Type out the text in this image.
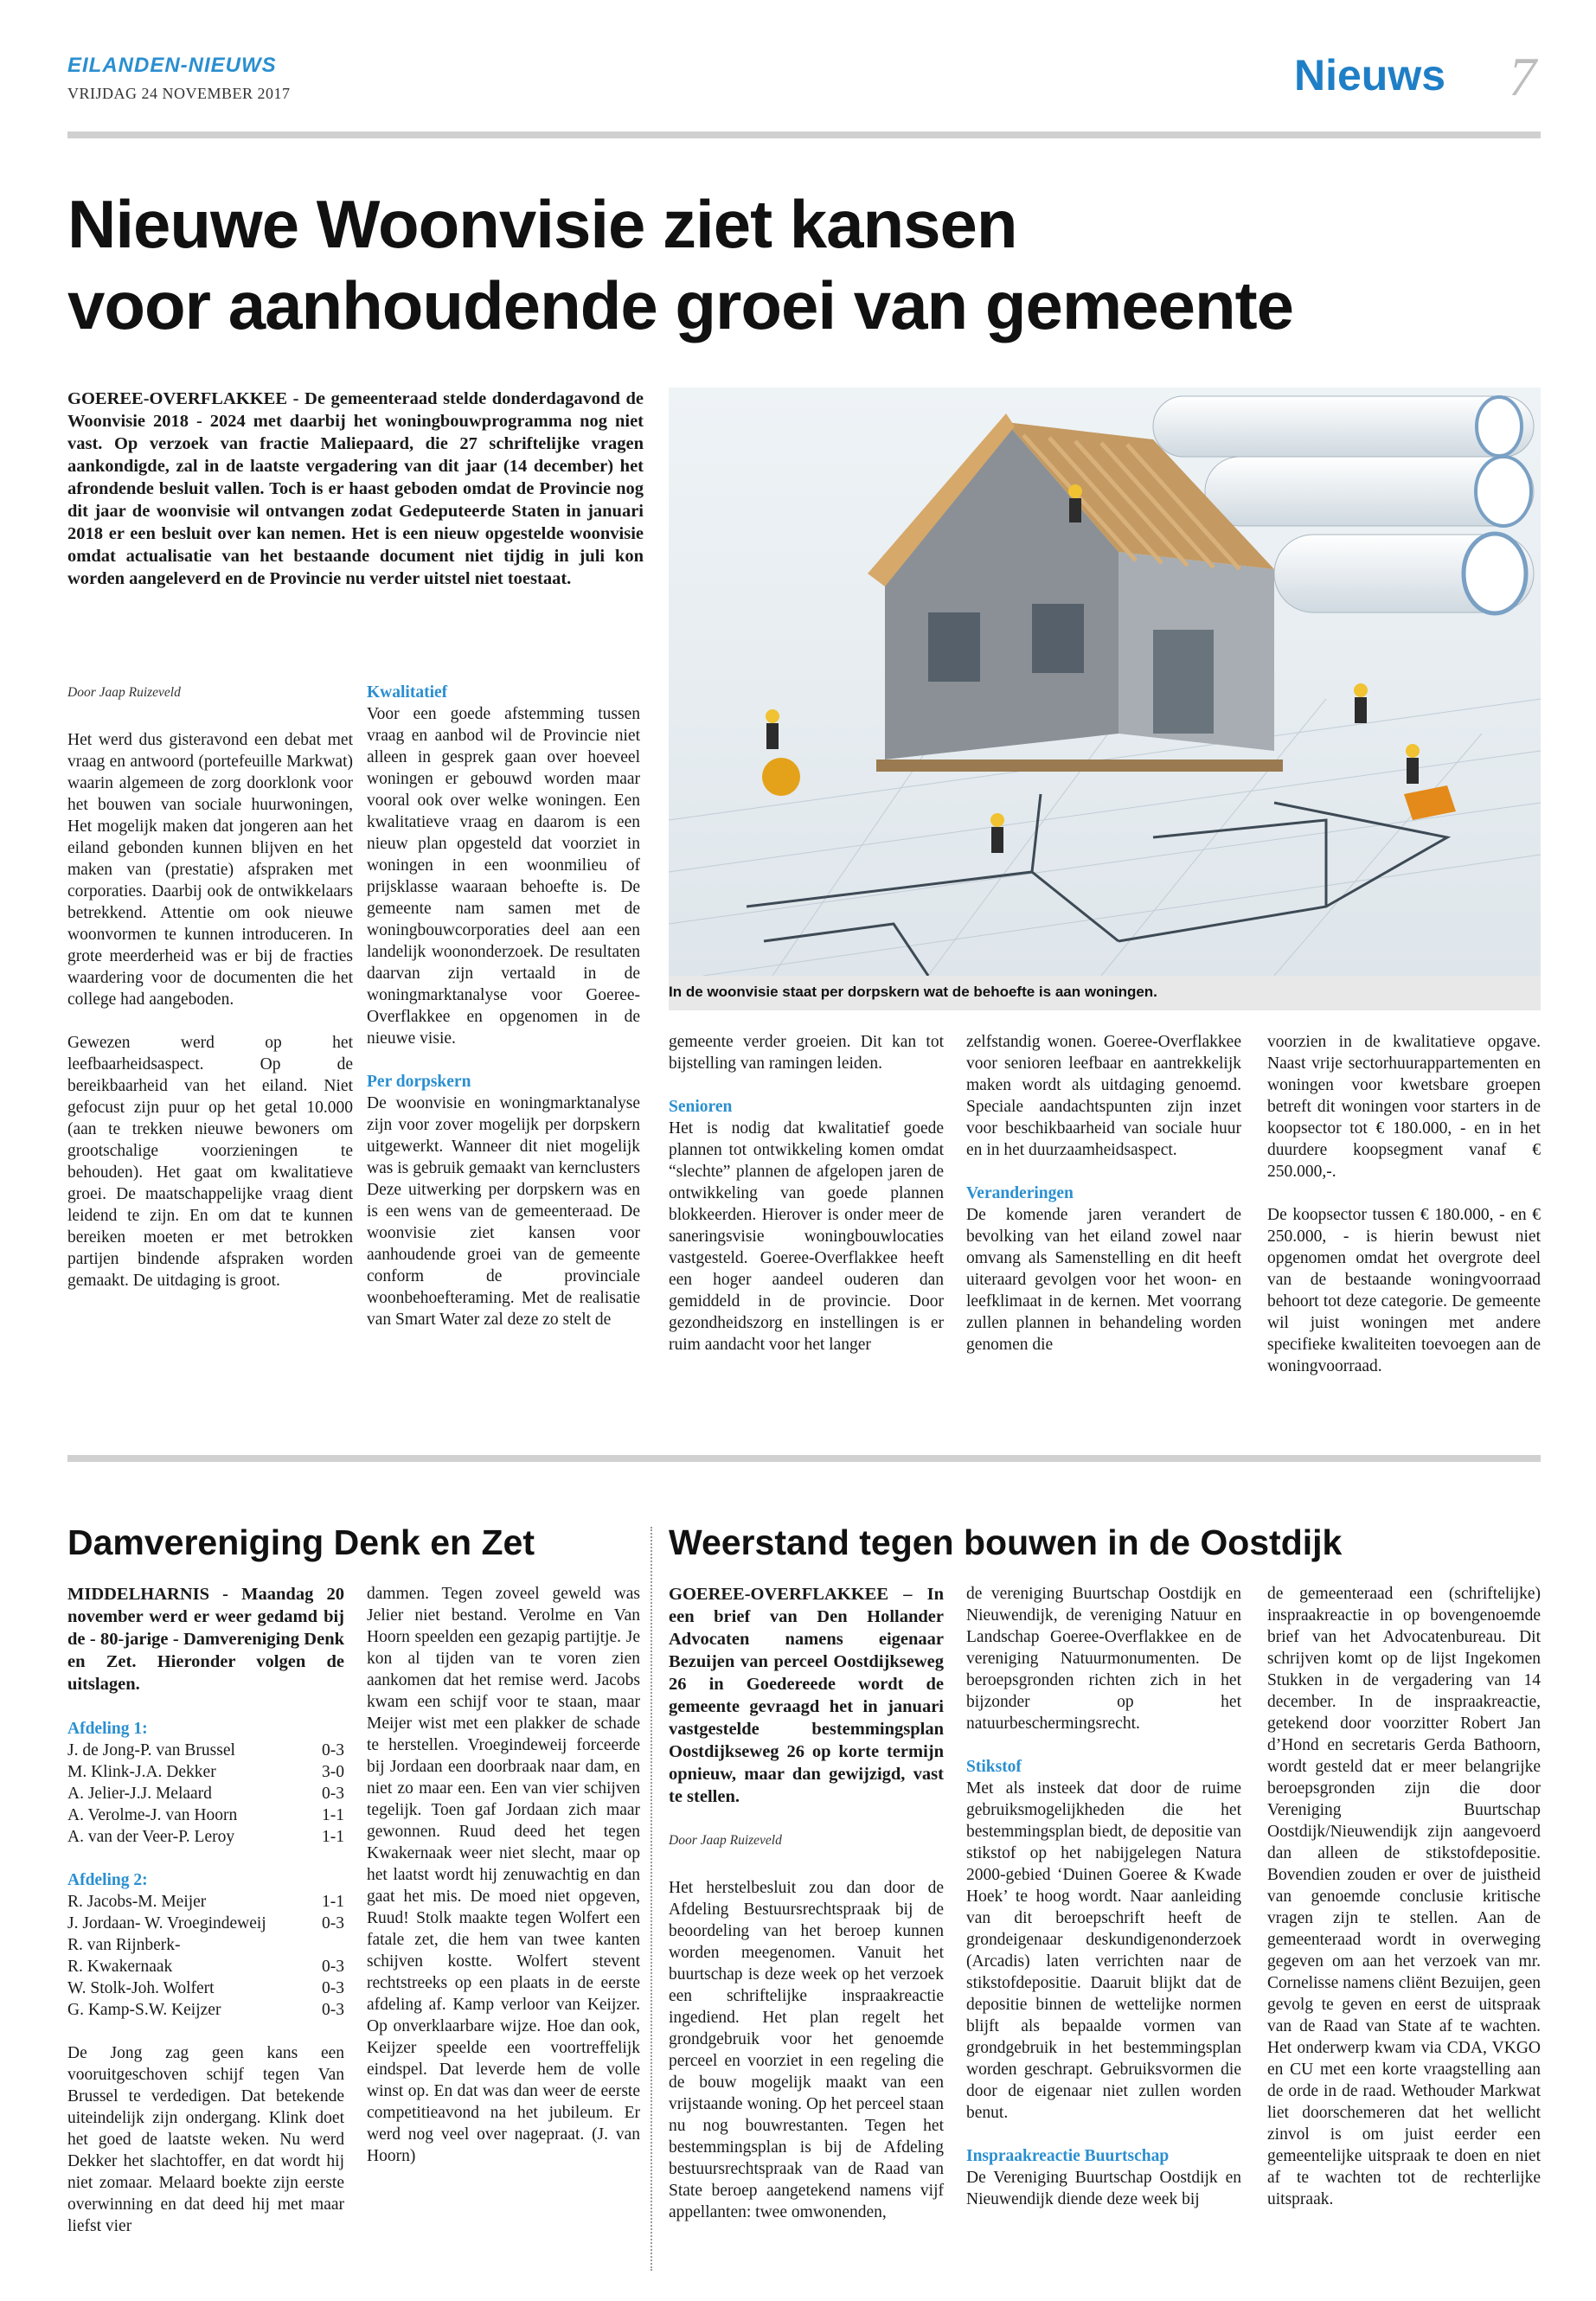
EILANDEN-NIEUWS
VRIJDAG 24 NOVEMBER 2017	Nieuws 7
Nieuwe Woonvisie ziet kansen
voor aanhoudende groei van gemeente
GOEREE-OVERFLAKKEE - De gemeenteraad stelde donderdagavond de Woonvisie 2018 - 2024 met daarbij het woningbouwprogramma nog niet vast. Op verzoek van fractie Maliepaard, die 27 schriftelijke vragen aankondigde, zal in de laatste vergadering van dit jaar (14 december) het afrondende besluit vallen. Toch is er haast geboden omdat de Provincie nog dit jaar de woonvisie wil ontvangen zodat Gedeputeerde Staten in januari 2018 er een besluit over kan nemen. Het is een nieuw opgestelde woonvisie omdat actualisatie van het bestaande document niet tijdig in juli kon worden aangeleverd en de Provincie nu verder uitstel niet toestaat.

Door Jaap Ruizeveld

Het werd dus gisteravond een debat met vraag en antwoord (portefeuille Markwat) waarin algemeen de zorg doorklonk voor het bouwen van sociale huurwoningen, Het mogelijk maken dat jongeren aan het eiland gebonden kunnen blijven en het maken van (prestatie) afspraken met corporaties. Daarbij ook de ontwikkelaars betrekkend. Attentie om ook nieuwe woonvormen te kunnen introduceren. In grote meerderheid was er bij de fracties waardering voor de documenten die het college had aangeboden.

Gewezen werd op het leefbaarheidsaspect. Op de bereikbaarheid van het eiland. Niet gefocust zijn puur op het getal 10.000 (aan te trekken nieuwe bewoners om grootschalige voorzieningen te behouden). Het gaat om kwalitatieve groei. De maatschappelijke vraag dient leidend te zijn. En om dat te kunnen bereiken moeten er met betrokken partijen bindende afspraken worden gemaakt. De uitdaging is groot.

Kwalitatief

Voor een goede afstemming tussen vraag en aanbod wil de Provincie niet alleen in gesprek gaan over hoeveel woningen er gebouwd worden maar vooral ook over welke woningen. Een kwalitatieve vraag en daarom is een nieuw plan opgesteld dat voorziet in woningen in een woonmilieu of prijsklasse waaraan behoefte is. De gemeente nam samen met de woningbouwcorporaties deel aan een landelijk woononderzoek. De resultaten daarvan zijn vertaald in de woningmarktanalyse voor Goeree-Overflakkee en opgenomen in de nieuwe visie.

Per dorpskern

De woonvisie en woningmarktanalyse zijn voor zover mogelijk per dorpskern uitgewerkt. Wanneer dit niet mogelijk was is gebruik gemaakt van kernclusters Deze uitwerking per dorpskern was en is een wens van de gemeenteraad. De woonvisie ziet kansen voor aanhoudende groei van de gemeente conform de provinciale woonbehoefteraming. Met de realisatie van Smart Water zal deze zo stelt de

In de woonvisie staat per dorpskern wat de behoefte is aan woningen.

gemeente verder groeien. Dit kan tot bijstelling van ramingen leiden.

Senioren

Het is nodig dat kwalitatief goede plannen tot ontwikkeling komen omdat “slechte” plannen de afgelopen jaren de ontwikkeling van goede plannen blokkeerden. Hierover is onder meer de saneringsvisie woningbouwlocaties vastgesteld. Goeree-Overflakkee heeft een hoger aandeel ouderen dan gemiddeld in de provincie. Door gezondheidszorg en instellingen is er ruim aandacht voor het langer

zelfstandig wonen. Goeree-Overflakkee voor senioren leefbaar en aantrekkelijk maken wordt als uitdaging genoemd. Speciale aandachtspunten zijn inzet voor beschikbaarheid van sociale huur en in het duurzaamheidsaspect.

Veranderingen

De komende jaren verandert de bevolking van het eiland zowel naar omvang als Samenstelling en dit heeft uiteraard gevolgen voor het woon- en leefklimaat in de kernen. Met voorrang zullen plannen in behandeling worden genomen die

voorzien in de kwalitatieve opgave. Naast vrije sectorhuurappartementen en woningen voor kwetsbare groepen betreft dit woningen voor starters in de koopsector tot € 180.000, - en in het duurdere koopsegment vanaf € 250.000,-.

De koopsector tussen € 180.000, - en € 250.000, - is hierin bewust niet opgenomen omdat het overgrote deel van de bestaande woningvoorraad behoort tot deze categorie. De gemeente wil juist woningen met andere specifieke kwaliteiten toevoegen aan de woningvoorraad.

Damvereniging Denk en Zet
MIDDELHARNIS - Maandag 20 november werd er weer gedamd bij de - 80-jarige - Damvereniging Denk en Zet. Hieronder volgen de uitslagen.

Afdeling 1:

J. de Jong-P. van Brussel	0-3
M. Klink-J.A. Dekker	3-0
A. Jelier-J.J. Melaard	0-3
A. Verolme-J. van Hoorn	1-1
A. van der Veer-P. Leroy	1-1

Afdeling 2:

R. Jacobs-M. Meijer	1-1
J. Jordaan- W. Vroegindeweij	0-3
R. van Rijnberk-
R. Kwakernaak	0-3
W. Stolk-Joh. Wolfert	0-3
G. Kamp-S.W. Keijzer	0-3

De Jong zag geen kans een vooruitgeschoven schijf tegen Van Brussel te verdedigen. Dat betekende uiteindelijk zijn ondergang. Klink doet het goed de laatste weken. Nu werd Dekker het slachtoffer, en dat wordt hij niet zomaar. Melaard boekte zijn eerste overwinning en dat deed hij met maar liefst vier

dammen. Tegen zoveel geweld was Jelier niet bestand. Verolme en Van Hoorn speelden een gezapig partijtje. Je kon al tijden van te voren zien aankomen dat het remise werd. Jacobs kwam een schijf voor te staan, maar Meijer wist met een plakker de schade te herstellen. Vroegindeweij forceerde bij Jordaan een doorbraak naar dam, en niet zo maar een. Een van vier schijven tegelijk. Toen gaf Jordaan zich maar gewonnen. Ruud deed het tegen Kwakernaak weer niet slecht, maar op het laatst wordt hij zenuwachtig en dan gaat het mis. De moed niet opgeven, Ruud! Stolk maakte tegen Wolfert een fatale zet, die hem van twee kanten schijven kostte. Wolfert stevent rechtstreeks op een plaats in de eerste afdeling af. Kamp verloor van Keijzer. Op onverklaarbare wijze. Hoe dan ook, Keijzer speelde een voortreffelijk eindspel. Dat leverde hem de volle winst op. En dat was dan weer de eerste competitieavond na het jubileum. Er werd nog veel over nagepraat. (J. van Hoorn)

Weerstand tegen bouwen in de Oostdijk

GOEREE-OVERFLAKKEE – In een brief van Den Hollander Advocaten namens eigenaar Bezuijen van perceel Oostdijkseweg 26 in Goedereede wordt de gemeente gevraagd het in januari vastgestelde bestemmingsplan Oostdijkseweg 26 op korte termijn opnieuw, maar dan gewijzigd, vast te stellen.

Door Jaap Ruizeveld

Het herstelbesluit zou dan door de Afdeling Bestuursrechtspraak bij de beoordeling van het beroep kunnen worden meegenomen. Vanuit het buurtschap is deze week op het verzoek een schriftelijke inspraakreactie ingediend. Het plan regelt het grondgebruik voor het genoemde perceel en voorziet in een regeling die de bouw mogelijk maakt van een vrijstaande woning. Op het perceel staan nu nog bouwrestanten. Tegen het bestemmingsplan is bij de Afdeling bestuursrechtspraak van de Raad van State beroep aangetekend namens vijf appellanten: twee omwonenden,

de vereniging Buurtschap Oostdijk en Nieuwendijk, de vereniging Natuur en Landschap Goeree-Overflakkee en de vereniging Natuurmonumenten. De beroepsgronden richten zich in het bijzonder op het natuurbeschermingsrecht.

Stikstof

Met als insteek dat door de ruime gebruiksmogelijkheden die het bestemmingsplan biedt, de depositie van stikstof op het nabijgelegen Natura 2000-gebied ‘Duinen Goeree & Kwade Hoek’ te hoog wordt. Naar aanleiding van dit beroepschrift heeft de grondeigenaar deskundigenonderzoek (Arcadis) laten verrichten naar de stikstofdepositie. Daaruit blijkt dat de depositie binnen de wettelijke normen blijft als bepaalde vormen van grondgebruik in het bestemmingsplan worden geschrapt. Gebruiksvormen die door de eigenaar niet zullen worden benut.

Inspraakreactie Buurtschap

De Vereniging Buurtschap Oostdijk en Nieuwendijk diende deze week bij

de gemeenteraad een (schriftelijke) inspraakreactie in op bovengenoemde brief van het Advocatenbureau. Dit schrijven komt op de lijst Ingekomen Stukken in de vergadering van 14 december. In de inspraakreactie, getekend door voorzitter Robert Jan d’Hond en secretaris Gerda Bathoorn, wordt gesteld dat er meer belangrijke beroepsgronden zijn die door Vereniging Buurtschap Oostdijk/Nieuwendijk zijn aangevoerd dan alleen de stikstofdepositie. Bovendien zouden er over de juistheid van genoemde conclusie kritische vragen zijn te stellen. Aan de gemeenteraad wordt in overweging gegeven om aan het verzoek van mr. Cornelisse namens cliënt Bezuijen, geen gevolg te geven en eerst de uitspraak van de Raad van State af te wachten. Het onderwerp kwam via CDA, VKGO en CU met een korte vraagstelling aan de orde in de raad. Wethouder Markwat liet doorschemeren dat het wellicht zinvol is om juist eerder een gemeentelijke uitspraak te doen en niet af te wachten tot de rechterlijke uitspraak.
